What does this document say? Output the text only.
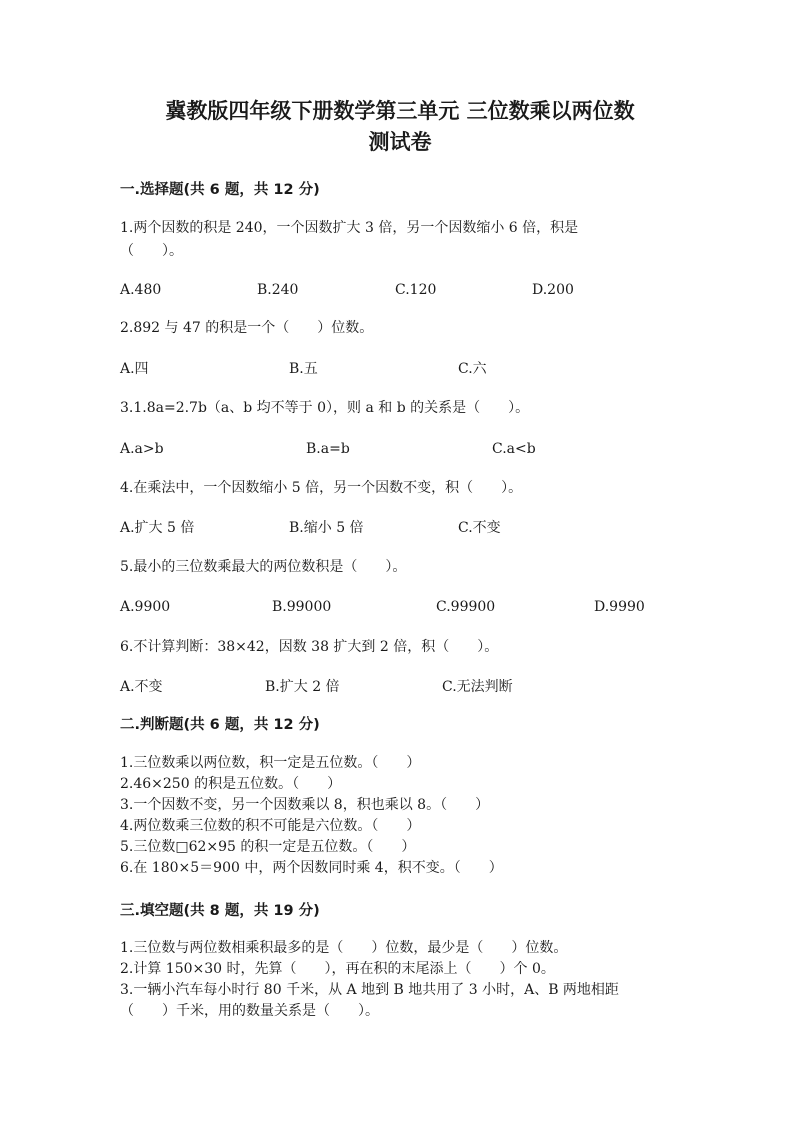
冀教版四年级下册数学第三单元 三位数乘以两位数
测试卷
一.选择题(共 6 题，共 12 分)
1.两个因数的积是 240，一个因数扩大 3 倍，另一个因数缩小 6 倍，积是
（　　）。
A.480	B.240	C.120	D.200
2.892 与 47 的积是一个（　　）位数。
A.四	B.五	C.六
3.1.8a=2.7b（a、b 均不等于 0），则 a 和 b 的关系是（　　）。
A.a>b	B.a=b	C.a<b
4.在乘法中，一个因数缩小 5 倍，另一个因数不变，积（　　）。
A.扩大 5 倍	B.缩小 5 倍	C.不变
5.最小的三位数乘最大的两位数积是（　　）。
A.9900	B.99000	C.99900	D.9990
6.不计算判断：38×42，因数 38 扩大到 2 倍，积（　　）。
A.不变	B.扩大 2 倍	C.无法判断
二.判断题(共 6 题，共 12 分)
1.三位数乘以两位数，积一定是五位数。（　　）
2.46×250 的积是五位数。（　　）
3.一个因数不变，另一个因数乘以 8，积也乘以 8。（　　）
4.两位数乘三位数的积不可能是六位数。（　　）
5.三位数□62×95 的积一定是五位数。（　　）
6.在 180×5＝900 中，两个因数同时乘 4，积不变。（　　）
三.填空题(共 8 题，共 19 分)
1.三位数与两位数相乘积最多的是（　　）位数，最少是（　　）位数。
2.计算 150×30 时，先算（　　），再在积的末尾添上（　　）个 0。
3.一辆小汽车每小时行 80 千米，从 A 地到 B 地共用了 3 小时，A、B 两地相距
（　　）千米，用的数量关系是（　　）。
